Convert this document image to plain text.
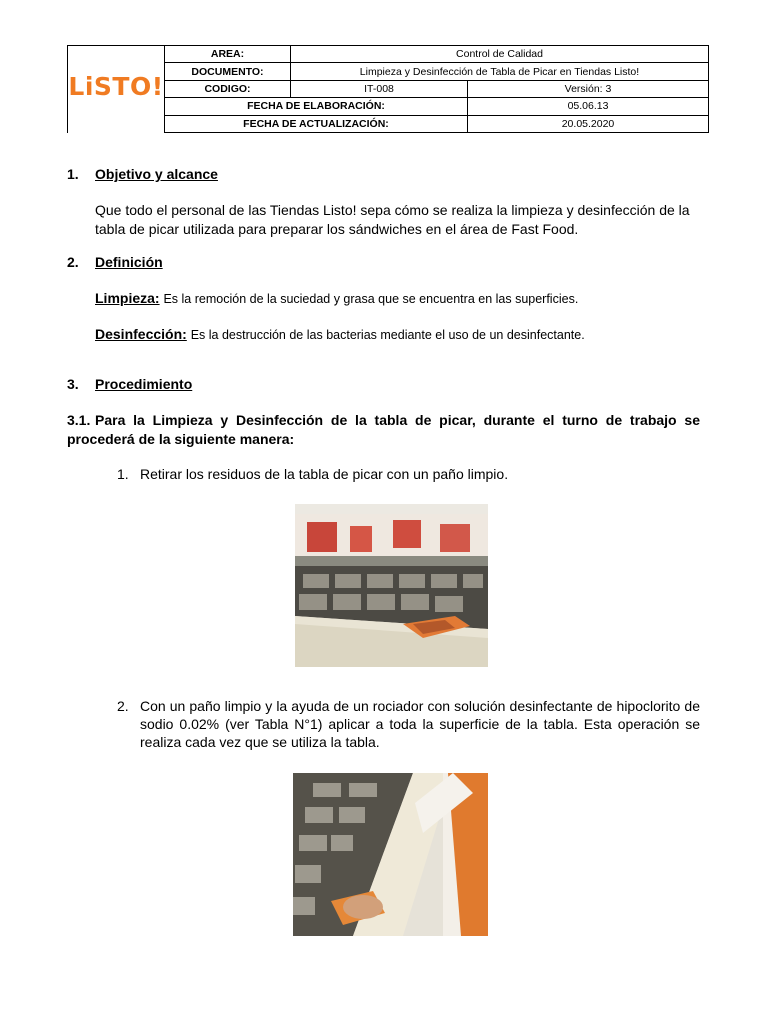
LiSTO!	AREA:	Control de Calidad	
	DOCUMENTO:	Limpieza y Desinfección de Tabla de Picar en Tiendas Listo!	
	CODIGO:	IT-008	Versión: 3
	FECHA DE ELABORACIÓN:		05.06.13
	FECHA DE ACTUALIZACIÓN:		20.05.2020
1. Objetivo y alcance
Que todo el personal de las Tiendas Listo! sepa cómo se realiza la limpieza y desinfección de la tabla de picar utilizada para preparar los sándwiches en el área de Fast Food.
2. Definición
Limpieza: Es la remoción de la suciedad y grasa que se encuentra en las superficies.
Desinfección: Es la destrucción de las bacterias mediante el uso de un desinfectante.
3. Procedimiento
3.1. Para la Limpieza y Desinfección de la tabla de picar, durante el turno de trabajo se procederá de la siguiente manera:
1. Retirar los residuos de la tabla de picar con un paño limpio.
2. Con un paño limpio y la ayuda de un rociador con solución desinfectante de hipoclorito de sodio 0.02% (ver Tabla N°1) aplicar a toda la superficie de la tabla. Esta operación se realiza cada vez que se utiliza la tabla.
